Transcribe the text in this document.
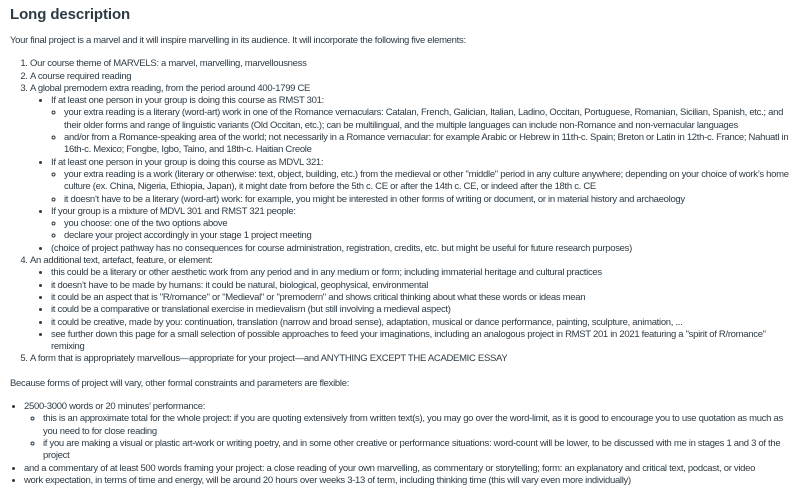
Long description

Your final project is a marvel and it will inspire marvelling in its audience. It will incorporate the following five elements:

1. Our course theme of MARVELS: a marvel, marvelling, marvellousness
2. A course required reading
3. A global premodern extra reading, from the period around 400-1799 CE
• If at least one person in your group is doing this course as RMST 301:
◦ your extra reading is a literary (word-art) work in one of the Romance vernaculars: Catalan, French, Galician, Italian, Ladino, Occitan, Portuguese, Romanian, Sicilian, Spanish, etc.; and their older forms and range of linguistic variants (Old Occitan, etc.); can be multilingual, and the multiple languages can include non-Romance and non-vernacular languages
◦ and/or from a Romance-speaking area of the world; not necessarily in a Romance vernacular: for example Arabic or Hebrew in 11th-c. Spain; Breton or Latin in 12th-c. France; Nahuatl in 16th-c. Mexico; Fongbe, Igbo, Taino, and 18th-c. Haitian Creole
• If at least one person in your group is doing this course as MDVL 321:
◦ your extra reading is a work (literary or otherwise: text, object, building, etc.) from the medieval or other "middle" period in any culture anywhere; depending on your choice of work’s home culture (ex. China, Nigeria, Ethiopia, Japan), it might date from before the 5th c. CE or after the 14th c. CE, or indeed after the 18th c. CE
◦ it doesn’t have to be a literary (word-art) work: for example, you might be interested in other forms of writing or document, or in material history and archaeology
• If your group is a mixture of MDVL 301 and RMST 321 people:
◦ you choose: one of the two options above
◦ declare your project accordingly in your stage 1 project meeting
• (choice of project pathway has no consequences for course administration, registration, credits, etc. but might be useful for future research purposes)
4. An additional text, artefact, feature, or element:
• this could be a literary or other aesthetic work from any period and in any medium or form; including immaterial heritage and cultural practices
• it doesn’t have to be made by humans: it could be natural, biological, geophysical, environmental
• it could be an aspect that is "R/romance" or "Medieval" or "premodern" and shows critical thinking about what these words or ideas mean
• it could be a comparative or translational exercise in medievalism (but still involving a medieval aspect)
• it could be creative, made by you: continuation, translation (narrow and broad sense), adaptation, musical or dance performance, painting, sculpture, animation, ...
• see further down this page for a small selection of possible approaches to feed your imaginations, including an analogous project in RMST 201 in 2021 featuring a "spirit of R/romance" remixing
5. A form that is appropriately marvellous—appropriate for your project—and ANYTHING EXCEPT THE ACADEMIC ESSAY

Because forms of project will vary, other formal constraints and parameters are flexible:

• 2500-3000 words or 20 minutes’ performance:
◦ this is an approximate total for the whole project: if you are quoting extensively from written text(s), you may go over the word-limit, as it is good to encourage you to use quotation as much as you need to for close reading
◦ if you are making a visual or plastic art-work or writing poetry, and in some other creative or performance situations: word-count will be lower, to be discussed with me in stages 1 and 3 of the project
• and a commentary of at least 500 words framing your project: a close reading of your own marvelling, as commentary or storytelling; form: an explanatory and critical text, podcast, or video
• work expectation, in terms of time and energy, will be around 20 hours over weeks 3-13 of term, including thinking time (this will vary even more individually)
